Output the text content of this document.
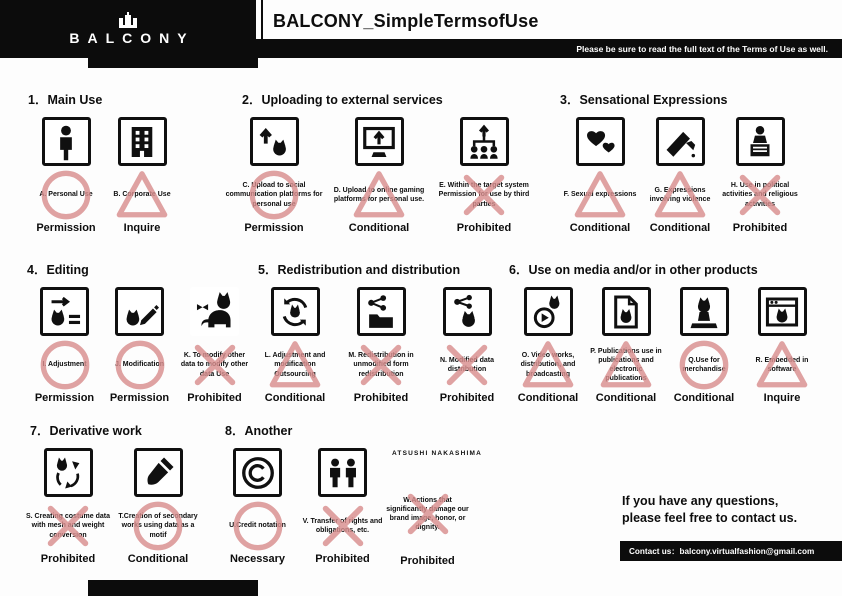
BALCONY
BALCONY_SimpleTermsofUse
Please be sure to read the full text of the Terms of Use as well.
1．Main Use
A. Personal Use
Permission
B. Corporate Use
Inquire
2．Uploading to external services
C. Upload to social communication platforms for personal use
Permission
D. Upload to online gaming platforms for personal use.
Conditional
E. Within the target system Permission for use by third parties
Prohibited
3．Sensational Expressions
F. Sexual expressions
Conditional
G. Expressions involving violence
Conditional
H. Use in political activities and religious activities
Prohibited
4．Editing
I. Adjustment
Permission
J. Modification
Permission
K. To modify other data to modify other data Use
Prohibited
5．Redistribution and distribution
L. Adjustment and modification Outsourcing
Conditional
M. Redistribution in unmodified form redistribution
Prohibited
N. Modified data distribution
Prohibited
6．Use on media and/or in other products
O. Video works, distribution, and broadcasting
Conditional
P. Publications use in publications and electronic publications
Conditional
Q.Use for merchandise
Conditional
R. Embedded in software
Inquire
7．Derivative work
S. Creating costume data with mesh and weight conversion
Prohibited
T.Creation of secondary works using data as a motif
Conditional
8．Another
U.Credit notation
Necessary
V. Transfer of rights and obligations, etc.
Prohibited
W.Actions that significantly damage our brand image, honor, or dignity.
Prohibited
ATSUSHI NAKASHIMA
If you have any questions,
please feel free to contact us.
Contact us：balcony.virtualfashion@gmail.com
